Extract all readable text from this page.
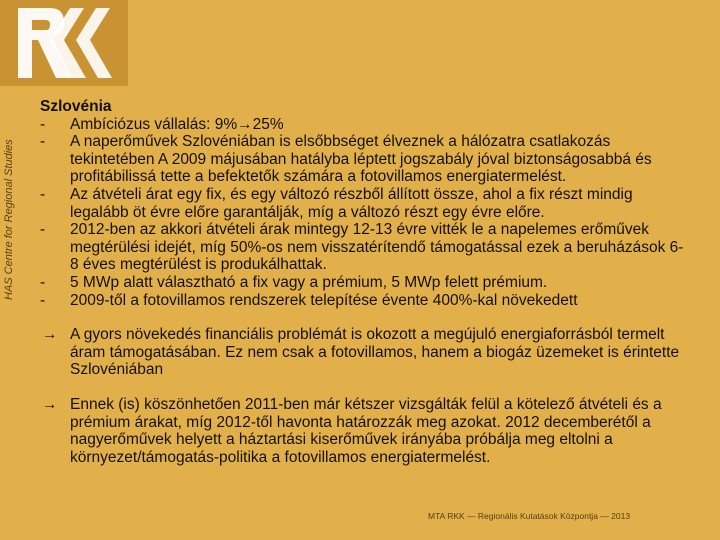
HAS Centre for Regional Studies
Szlovénia
-	Ambíciózus vállalás: 9%→25%
-	A naperőművek Szlovéniában is elsőbbséget élveznek a hálózatra csatlakozás tekintetében A 2009 májusában hatályba léptett jogszabály jóval biztonságosabbá és profitábilissá tette a befektetők számára a fotovillamos energiatermelést.
-	Az átvételi árat egy fix, és egy változó részből állított össze, ahol a fix részt mindig legalább öt évre előre garantálják, míg a változó részt egy évre előre.
-	2012-ben az akkori átvételi árak mintegy 12-13 évre vitték le a napelemes erőművek megtérülési idejét, míg 50%-os nem visszatérítendő támogatással ezek a beruházások 6-8 éves megtérülést is produkálhattak.
-	5 MWp alatt választható a fix vagy a prémium, 5 MWp felett prémium.
-	2009-től a fotovillamos rendszerek telepítése évente 400%-kal növekedett
→ A gyors növekedés financiális problémát is okozott a megújuló energiaforrásból termelt áram támogatásában. Ez nem csak a fotovillamos, hanem a biogáz üzemeket is érintette Szlovéniában
→ Ennek (is) köszönhetően 2011-ben már kétszer vizsgálták felül a kötelező átvételi és a prémium árakat, míg 2012-től havonta határozzák meg azokat. 2012 decemberétől a nagyerőművek helyett a háztartási kiserőművek irányába próbálja meg eltolni a környezet/támogatás-politika a fotovillamos energiatermelést.
MTA RKK — Regionális Kutatások Központja — 2013
